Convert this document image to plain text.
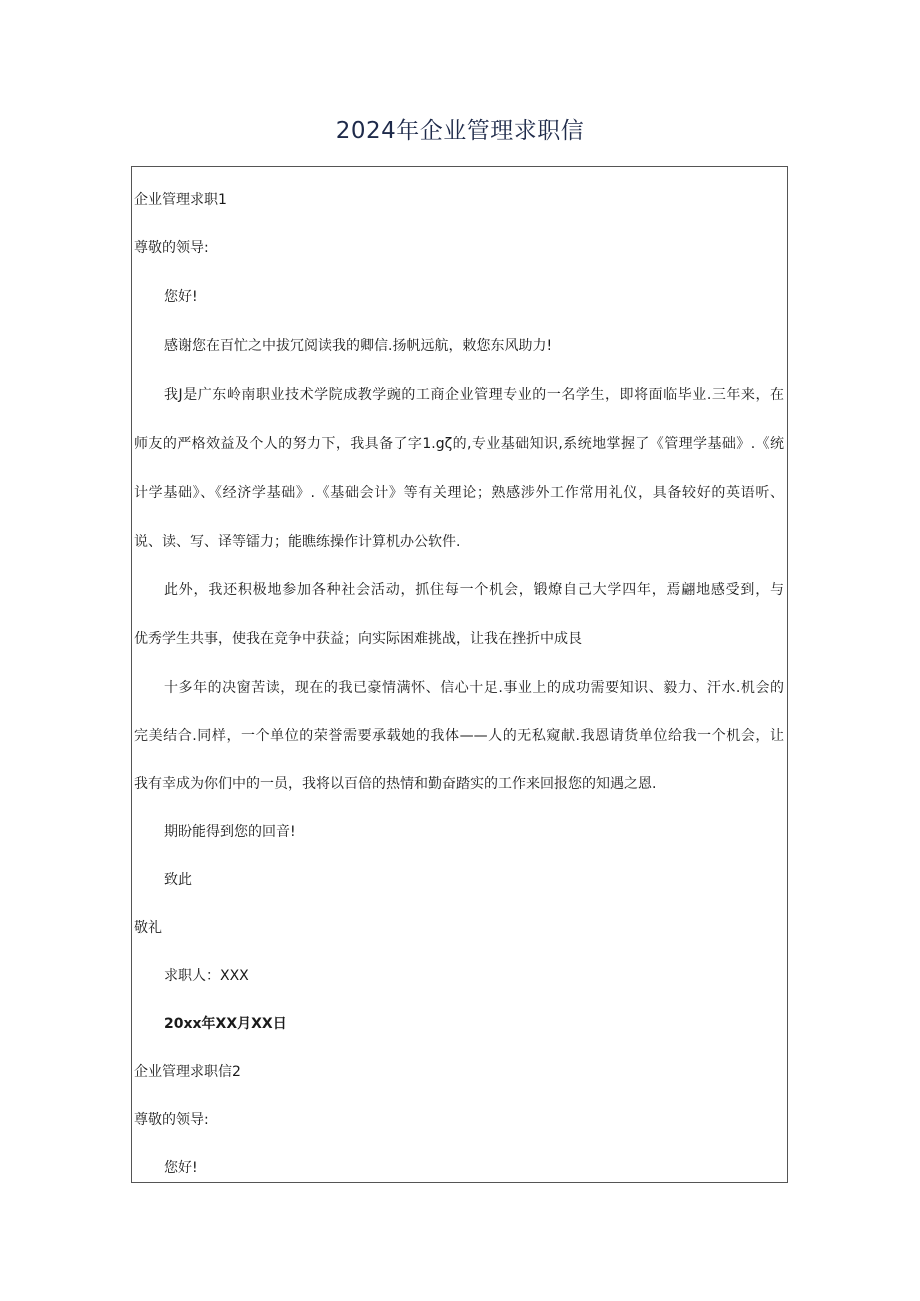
2024年企业管理求职信
企业管理求职1
尊敬的领导:
您好!
感谢您在百忙之中拔冗阅读我的卿信.扬帆远航，敕您东风助力!
我J是广东岭南职业技术学院成教学豌的工商企业管理专业的一名学生，即将面临毕业.三年来，在
师友的严格效益及个人的努力下，我具备了字1.gζ的,专业基础知识,系统地掌握了《管理学基础》.《统
计学基础》、《经济学基础》.《基础会计》等有关理论；熟感涉外工作常用礼仪，具备较好的英语听、
说、读、写、译等镭力；能瞧练操作计算机办公软件.
此外，我还积极地参加各种社会活动，抓住每一个机会，锻燎自己大学四年，焉翩地感受到，与
优秀学生共事，使我在竞争中获益；向实际困难挑战，让我在挫折中成艮
十多年的决窗苦读，现在的我已豪情满怀、信心十足.事业上的成功需要知识、毅力、汗水.机会的
完美结合.同样，一个单位的荣誉需要承载她的我体——人的无私窥献.我恩请货单位给我一个机会，让
我有幸成为你们中的一员，我将以百倍的热情和勤奋踏实的工作来回报您的知遇之恩.
期盼能得到您的回音!
致此
敬礼
求职人：XXX
20xx年XX月XX日
企业管理求职信2
尊敬的领导:
您好!
